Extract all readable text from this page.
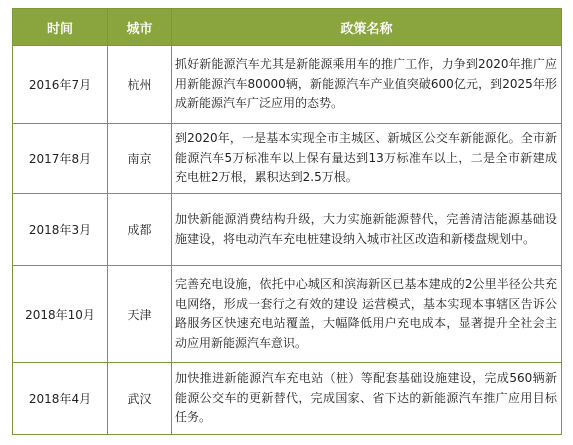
时间	城市	政策名称
2016年7月	杭州	抓好新能源汽车尤其是新能源乘用车的推广工作，力争到2020年推广应用新能源汽车80000辆，新能源汽车产业值突破600亿元，到2025年形成新能源汽车广泛应用的态势。
2017年8月	南京	到2020年，一是基本实现全市主城区、新城区公交车新能源化。全市新能源汽车5万标准车以上保有量达到13万标准车以上，二是全市新建成充电桩2万根，累积达到2.5万根。
2018年3月	成都	加快新能源消费结构升级，大力实施新能源替代，完善清洁能源基础设施建设，将电动汽车充电桩建设纳入城市社区改造和新楼盘规划中。
2018年10月	天津	完善充电设施，依托中心城区和滨海新区已基本建成的2公里半径公共充电网络，形成一套行之有效的建设 运营模式，基本实现本事辖区告诉公路服务区快速充电站覆盖，大幅降低用户充电成本，显著提升全社会主动应用新能源汽车意识。
2018年4月	武汉	加快推进新能源汽车充电站（桩）等配套基础设施建设，完成560辆新能源公交车的更新替代，完成国家、省下达的新能源汽车推广应用目标任务。
